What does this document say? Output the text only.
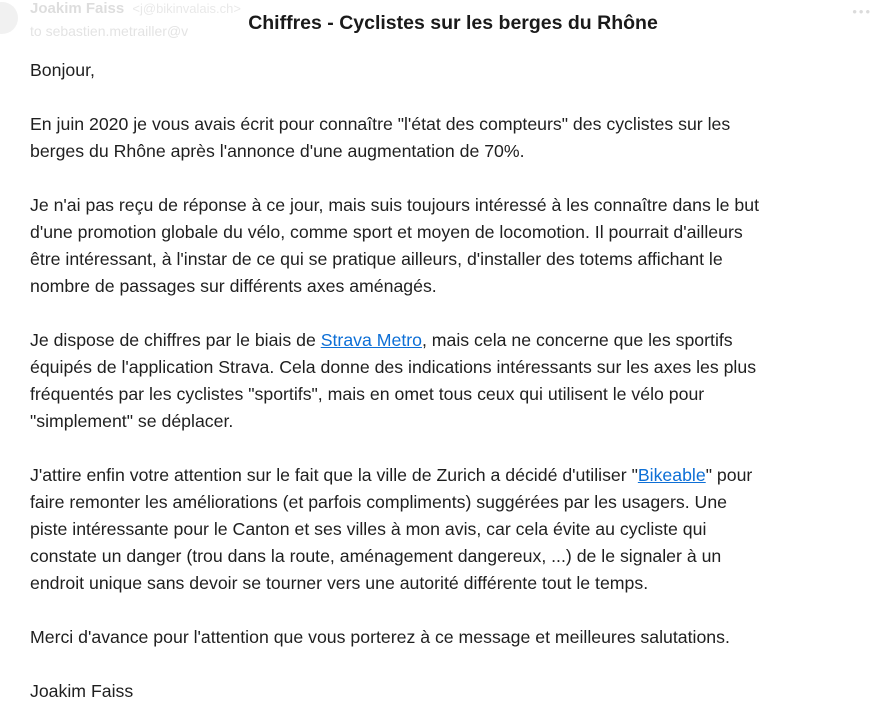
Joakim Faiss <j@bikinvalais.ch>
to sebastien.metrailler@v
•••
Chiffres - Cyclistes sur les berges du Rhône

Bonjour,

En juin 2020 je vous avais écrit pour connaître "l'état des compteurs" des cyclistes sur les
berges du Rhône après l'annonce d'une augmentation de 70%.

Je n'ai pas reçu de réponse à ce jour, mais suis toujours intéressé à les connaître dans le but
d'une promotion globale du vélo, comme sport et moyen de locomotion. Il pourrait d'ailleurs
être intéressant, à l'instar de ce qui se pratique ailleurs, d'installer des totems affichant le
nombre de passages sur différents axes aménagés.

Je dispose de chiffres par le biais de Strava Metro, mais cela ne concerne que les sportifs
équipés de l'application Strava. Cela donne des indications intéressants sur les axes les plus
fréquentés par les cyclistes "sportifs", mais en omet tous ceux qui utilisent le vélo pour
"simplement" se déplacer.

J'attire enfin votre attention sur le fait que la ville de Zurich a décidé d'utiliser "Bikeable" pour
faire remonter les améliorations (et parfois compliments) suggérées par les usagers. Une
piste intéressante pour le Canton et ses villes à mon avis, car cela évite au cycliste qui
constate un danger (trou dans la route, aménagement dangereux, ...) de le signaler à un
endroit unique sans devoir se tourner vers une autorité différente tout le temps.

Merci d'avance pour l'attention que vous porterez à ce message et meilleures salutations.

Joakim Faiss
